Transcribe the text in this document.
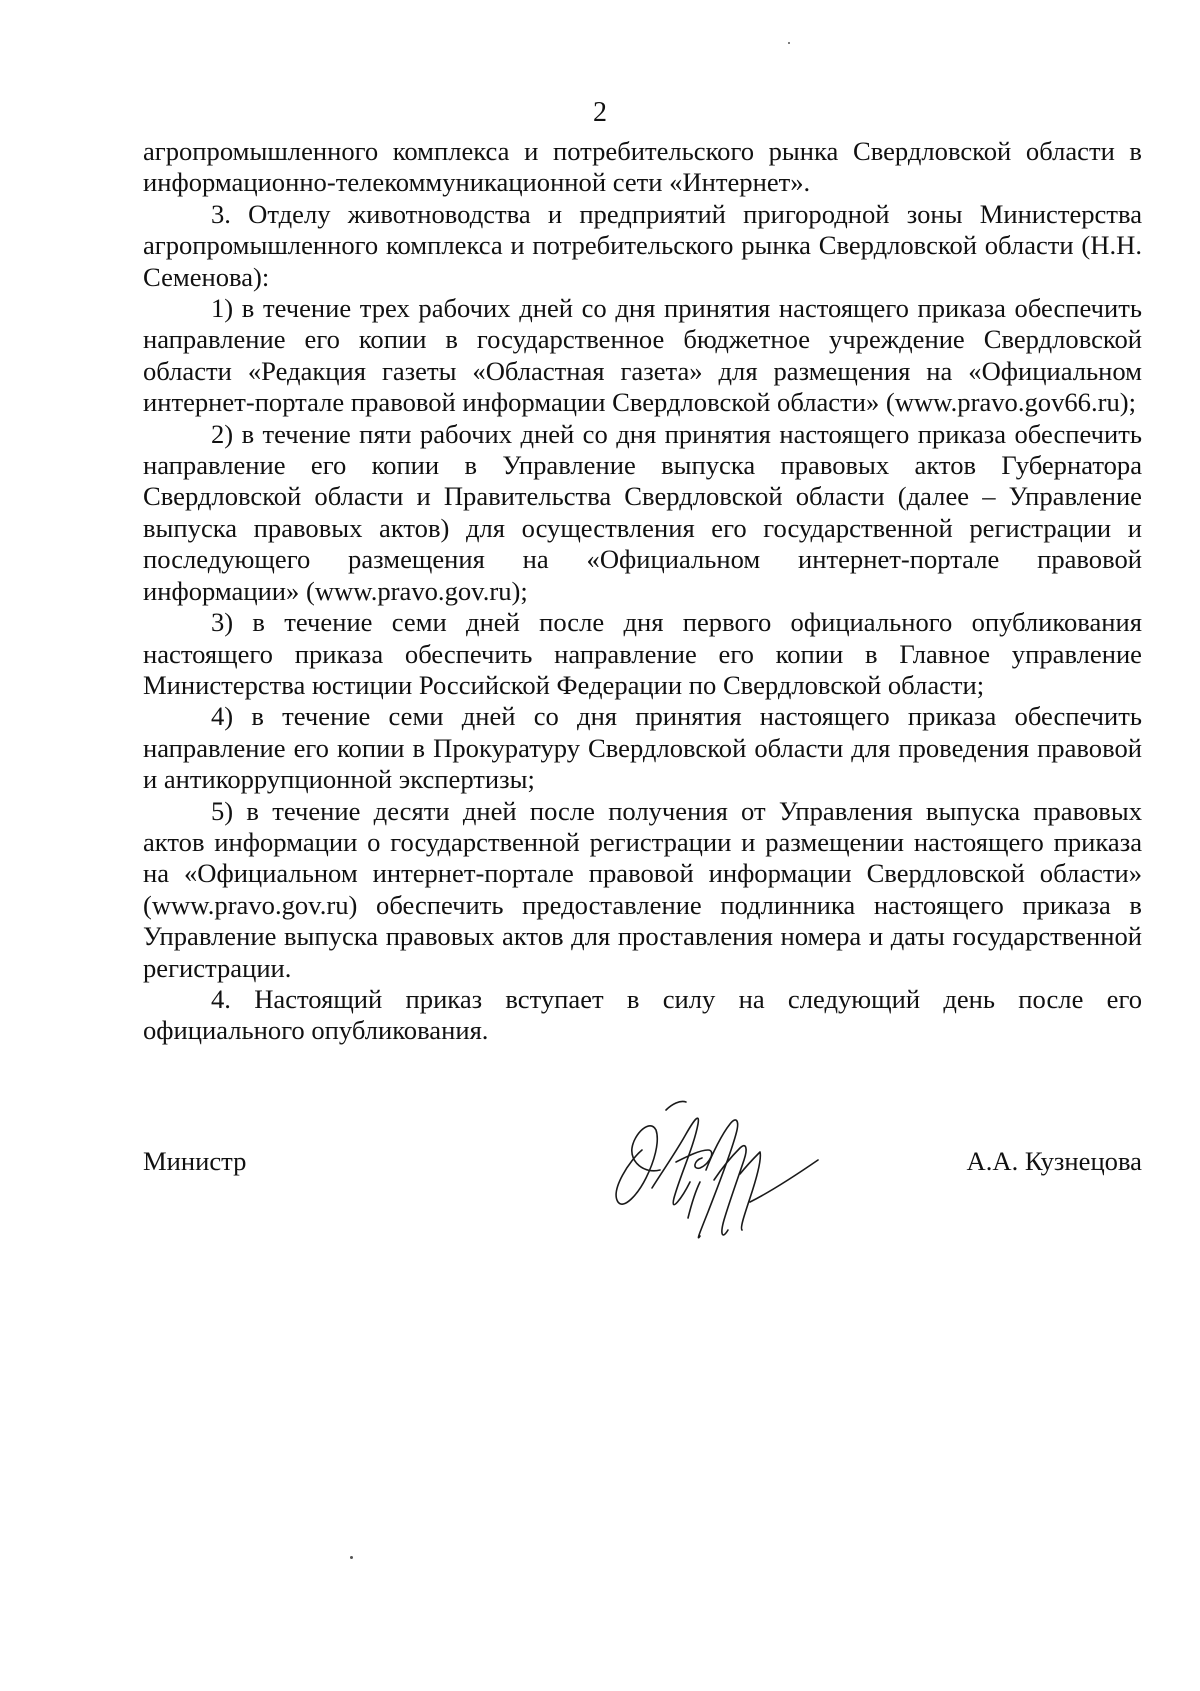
2

агропромышленного комплекса и потребительского рынка Свердловской области в информационно-телекоммуникационной сети «Интернет».

3. Отделу животноводства и предприятий пригородной зоны Министерства агропромышленного комплекса и потребительского рынка Свердловской области (Н.Н. Семенова):

1) в течение трех рабочих дней со дня принятия настоящего приказа обеспечить направление его копии в государственное бюджетное учреждение Свердловской области «Редакция газеты «Областная газета» для размещения на «Официальном интернет-портале правовой информации Свердловской области» (www.pravo.gov66.ru);

2) в течение пяти рабочих дней со дня принятия настоящего приказа обеспечить направление его копии в Управление выпуска правовых актов Губернатора Свердловской области и Правительства Свердловской области (далее – Управление выпуска правовых актов) для осуществления его государственной регистрации и последующего размещения на «Официальном интернет-портале правовой информации» (www.pravo.gov.ru);

3) в течение семи дней после дня первого официального опубликования настоящего приказа обеспечить направление его копии в Главное управление Министерства юстиции Российской Федерации по Свердловской области;

4) в течение семи дней со дня принятия настоящего приказа обеспечить направление его копии в Прокуратуру Свердловской области для проведения правовой и антикоррупционной экспертизы;

5) в течение десяти дней после получения от Управления выпуска правовых актов информации о государственной регистрации и размещении настоящего приказа на «Официальном интернет-портале правовой информации Свердловской области» (www.pravo.gov.ru) обеспечить предоставление подлинника настоящего приказа в Управление выпуска правовых актов для проставления номера и даты государственной регистрации.

4. Настоящий приказ вступает в силу на следующий день после его официального опубликования.

Министр	А.А. Кузнецова
